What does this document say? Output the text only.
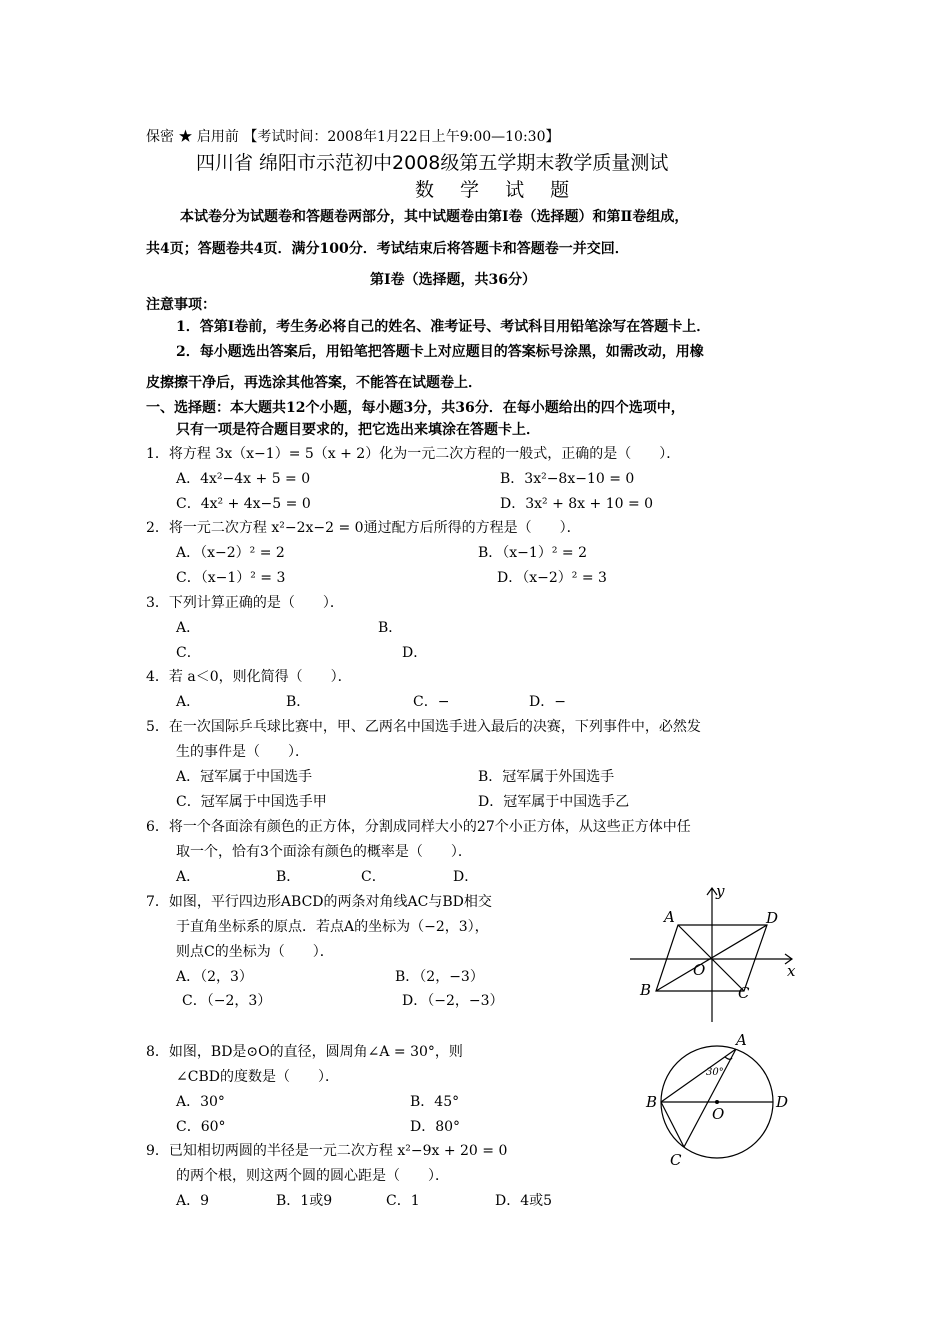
保密 ★ 启用前 【考试时间：2008年1月22日上午9:00—10:30】
四川省 绵阳市示范初中2008级第五学期末教学质量测试
数 学 试 题
本试卷分为试题卷和答题卷两部分，其中试题卷由第Ⅰ卷（选择题）和第Ⅱ卷组成，
共4页；答题卷共4页．满分100分．考试结束后将答题卡和答题卷一并交回．
第Ⅰ卷（选择题，共36分）
注意事项：
1．答第Ⅰ卷前，考生务必将自己的姓名、准考证号、考试科目用铅笔涂写在答题卡上．
2．每小题选出答案后，用铅笔把答题卡上对应题目的答案标号涂黑，如需改动，用橡
皮擦擦干净后，再选涂其他答案，不能答在试题卷上．
一、选择题：本大题共12个小题，每小题3分，共36分．在每小题给出的四个选项中，
只有一项是符合题目要求的，把它选出来填涂在答题卡上．
1．将方程 3x（x−1）= 5（x + 2）化为一元二次方程的一般式，正确的是（　　）．
A．4x²−4x + 5 = 0	B．3x²−8x−10 = 0
C．4x² + 4x−5 = 0	D．3x² + 8x + 10 = 0
2．将一元二次方程 x²−2x−2 = 0通过配方后所得的方程是（　　）．
A．（x−2）² = 2	B．（x−1）² = 2
C．（x−1）² = 3	D．（x−2）² = 3
3．下列计算正确的是（　　）．
A．	B．
C．	D．
4．若 a＜0，则化简得（　　）．
A．	B．	C．−	D．−
5．在一次国际乒乓球比赛中，甲、乙两名中国选手进入最后的决赛，下列事件中，必然发
生的事件是（　　）．
A．冠军属于中国选手	B．冠军属于外国选手
C．冠军属于中国选手甲	D．冠军属于中国选手乙
6．将一个各面涂有颜色的正方体，分割成同样大小的27个小正方体，从这些正方体中任
取一个，恰有3个面涂有颜色的概率是（　　）．
A．	B．	C．	D．
7．如图，平行四边形ABCD的两条对角线AC与BD相交
于直角坐标系的原点．若点A的坐标为（−2，3），
则点C的坐标为（　　）．
A．（2，3）	B．（2，−3）
C．（−2，3）	D．（−2，−3）
A	D
O
B	C
x
y
8．如图，BD是⊙O的直径，圆周角∠A = 30°，则
∠CBD的度数是（　　）．
A．30°	B．45°
C．60°	D．80°
A
B	D
O
C
30°
9．已知相切两圆的半径是一元二次方程 x²−9x + 20 = 0
的两个根，则这两个圆的圆心距是（　　）．
A．9	B．1或9	C．1	D．4或5
